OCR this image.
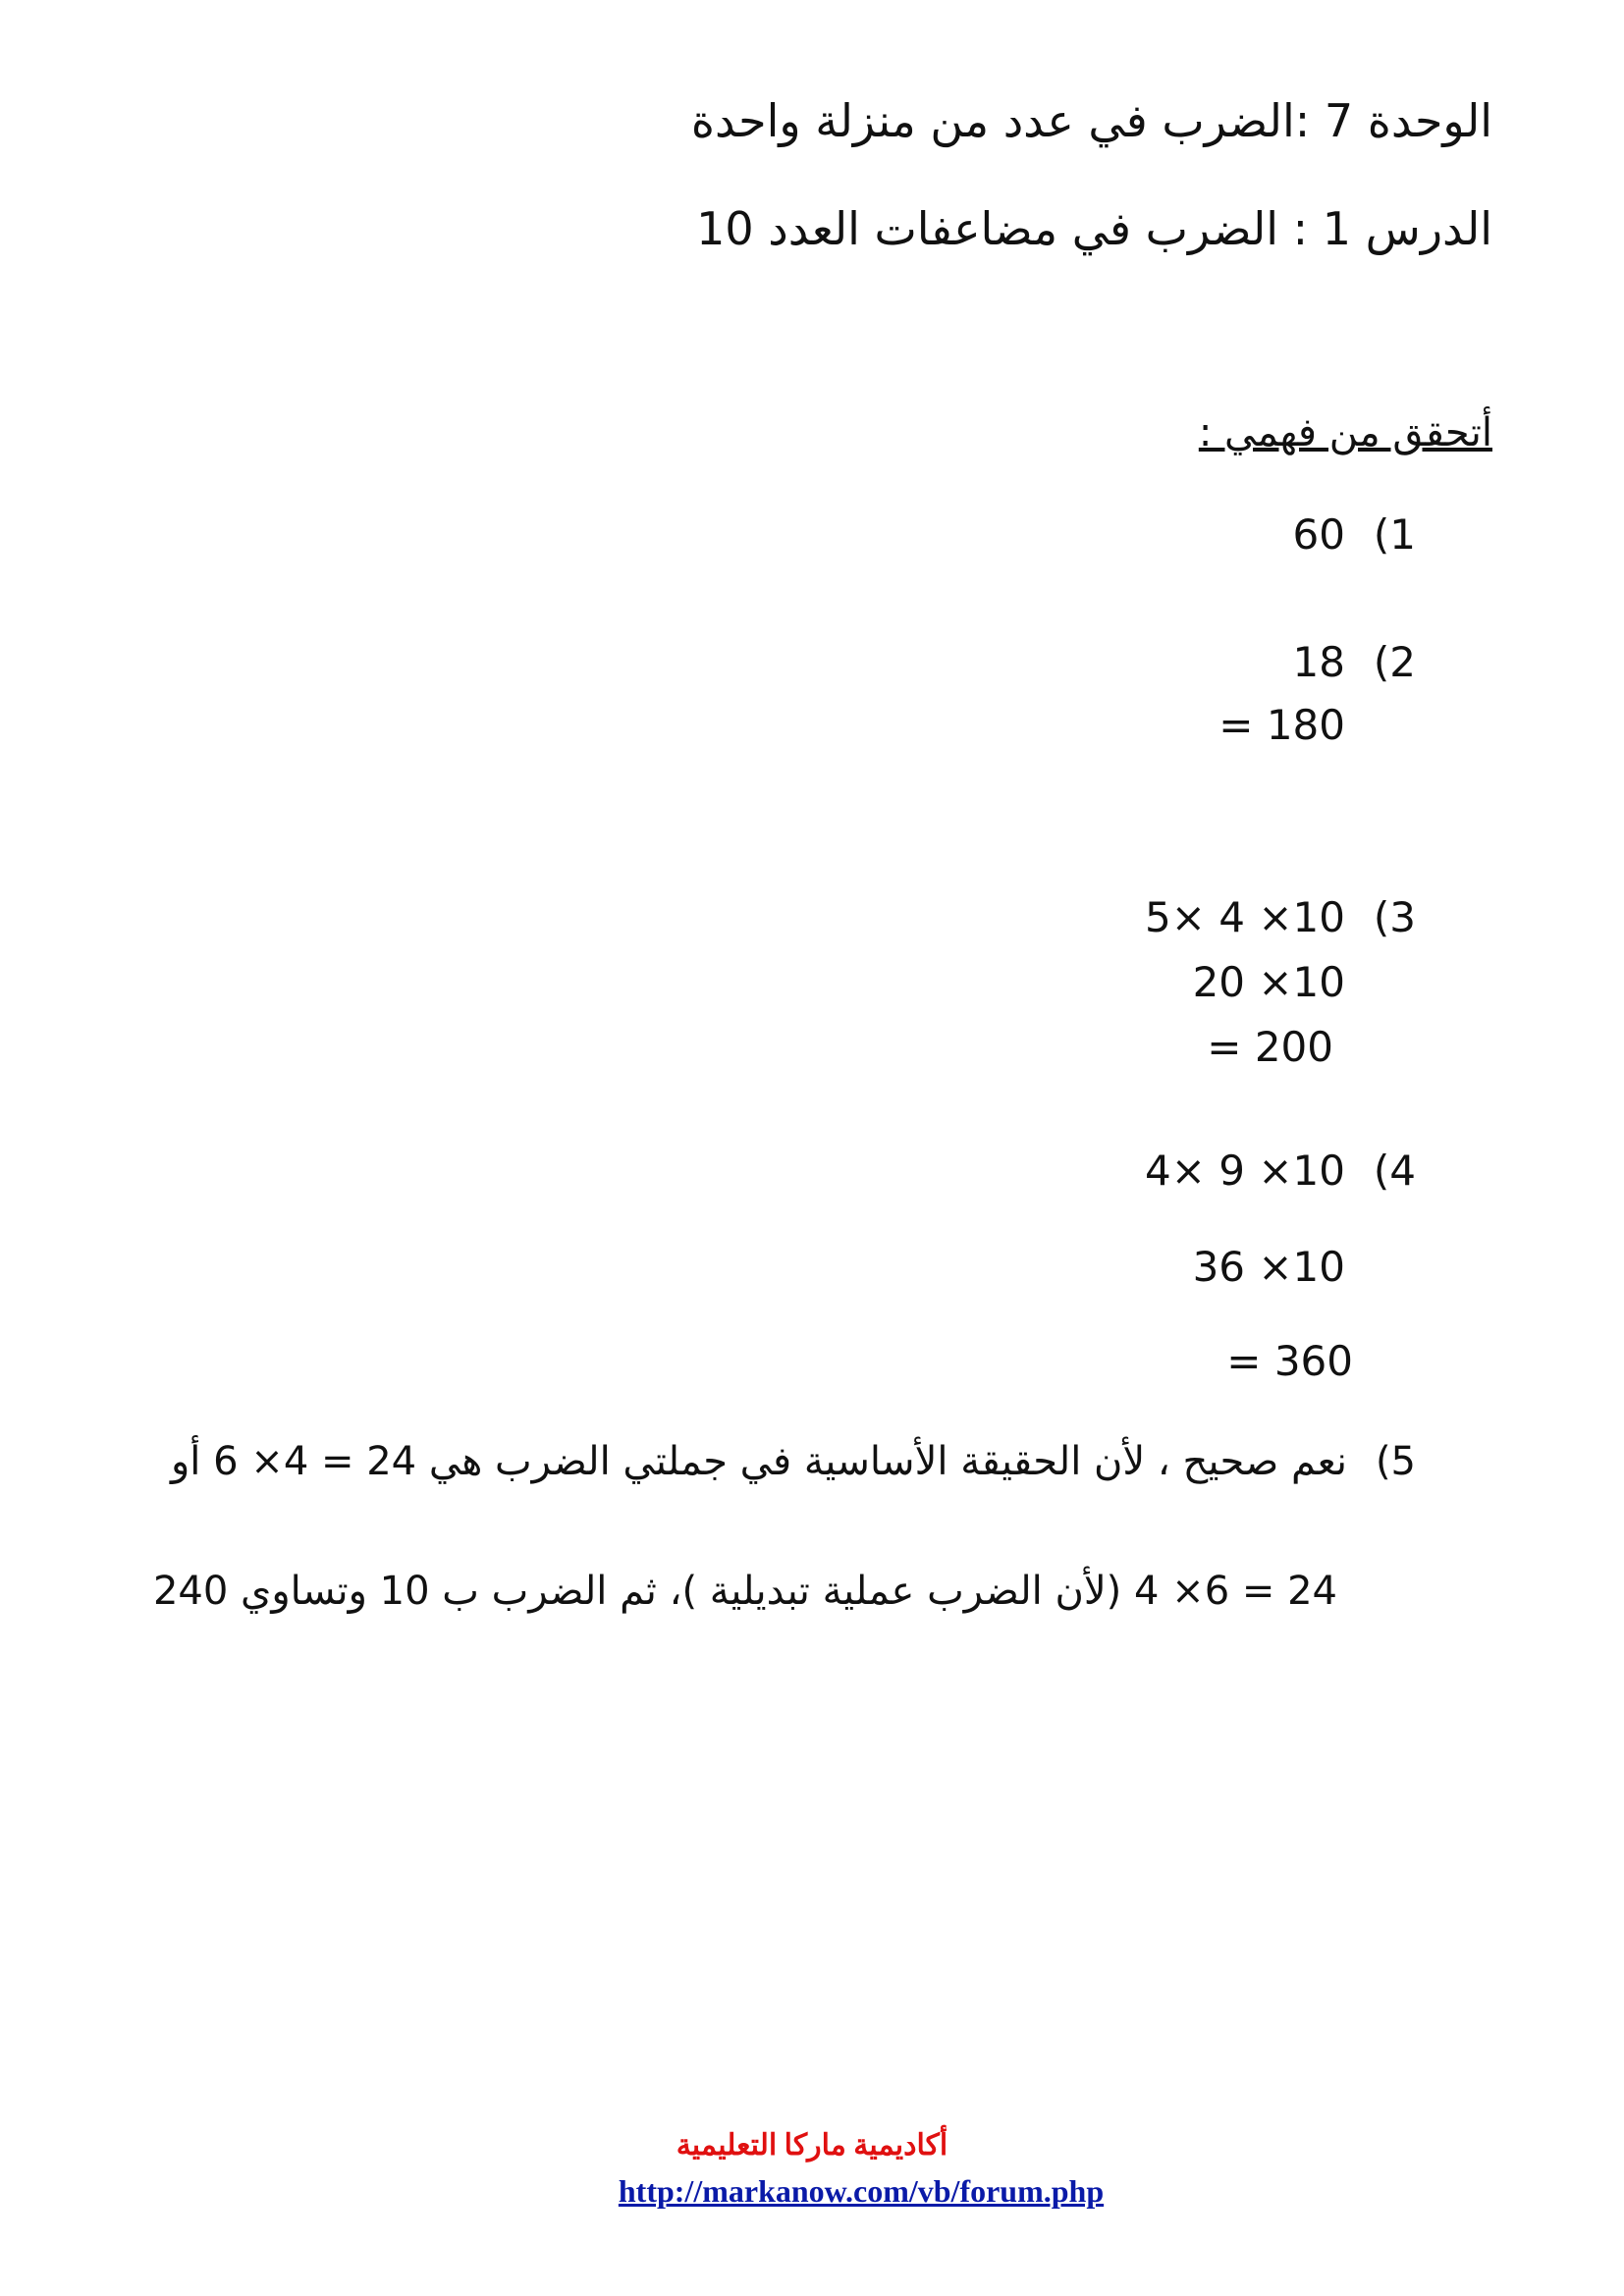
الوحدة 7 :الضرب في عدد من منزلة واحدة
الدرس 1 : الضرب في مضاعفات العدد 10
أتحقق من فهمي :
(1
60
(2
18
= 180
(3
5× 4 ×10
20 ×10
= 200
(4
4× 9 ×10
36 ×10
= 360
5)
نعم صحيح ، لأن الحقيقة الأساسية في جملتي الضرب هي 24 = 4× 6 أو
24 = 6× 4 (لأن الضرب عملية تبديلية )، ثم الضرب ب 10 وتساوي 240
أكاديمية ماركا التعليمية
http://markanow.com/vb/forum.php
